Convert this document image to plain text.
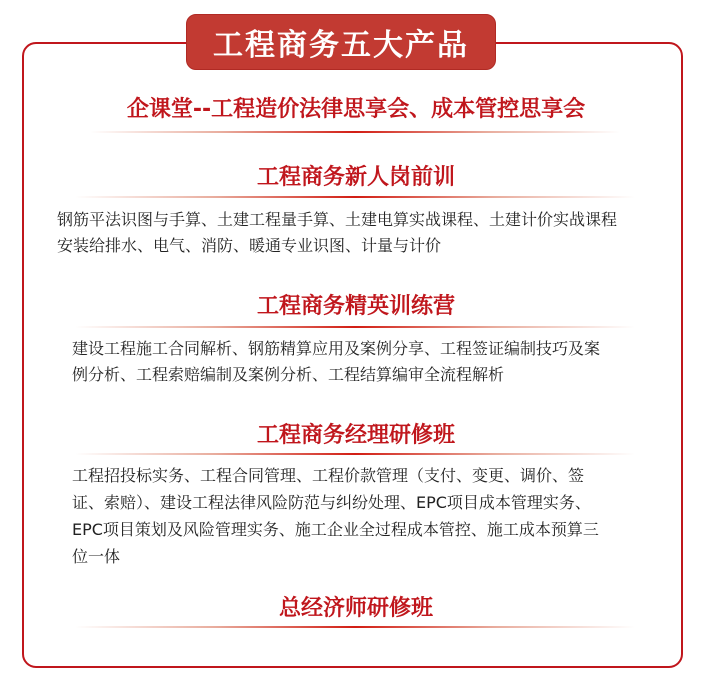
工程商务五大产品
企课堂--工程造价法律思享会、成本管控思享会
工程商务新人岗前训
钢筋平法识图与手算、土建工程量手算、土建电算实战课程、土建计价实战课程
安装给排水、电气、消防、暖通专业识图、计量与计价
工程商务精英训练营
建设工程施工合同解析、钢筋精算应用及案例分享、工程签证编制技巧及案
例分析、工程索赔编制及案例分析、工程结算编审全流程解析
工程商务经理研修班
工程招投标实务、工程合同管理、工程价款管理（支付、变更、调价、签
证、索赔）、建设工程法律风险防范与纠纷处理、EPC项目成本管理实务、
EPC项目策划及风险管理实务、施工企业全过程成本管控、施工成本预算三
位一体
总经济师研修班
